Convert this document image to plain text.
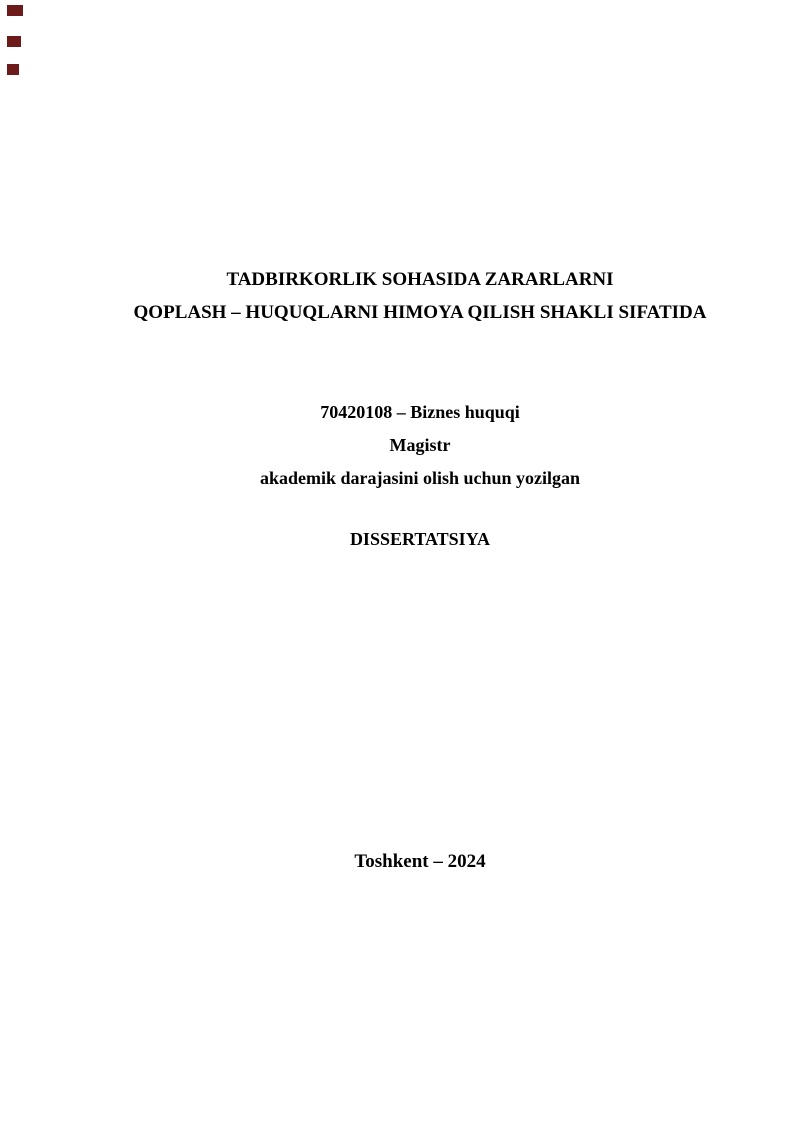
TADBIRKORLIK SOHASIDA ZARARLARNI
QOPLASH – HUQUQLARNI HIMOYA QILISH SHAKLI SIFATIDA
70420108 – Biznes huquqi
Magistr
akademik darajasini olish uchun yozilgan
DISSERTATSIYA
Toshkent – 2024
